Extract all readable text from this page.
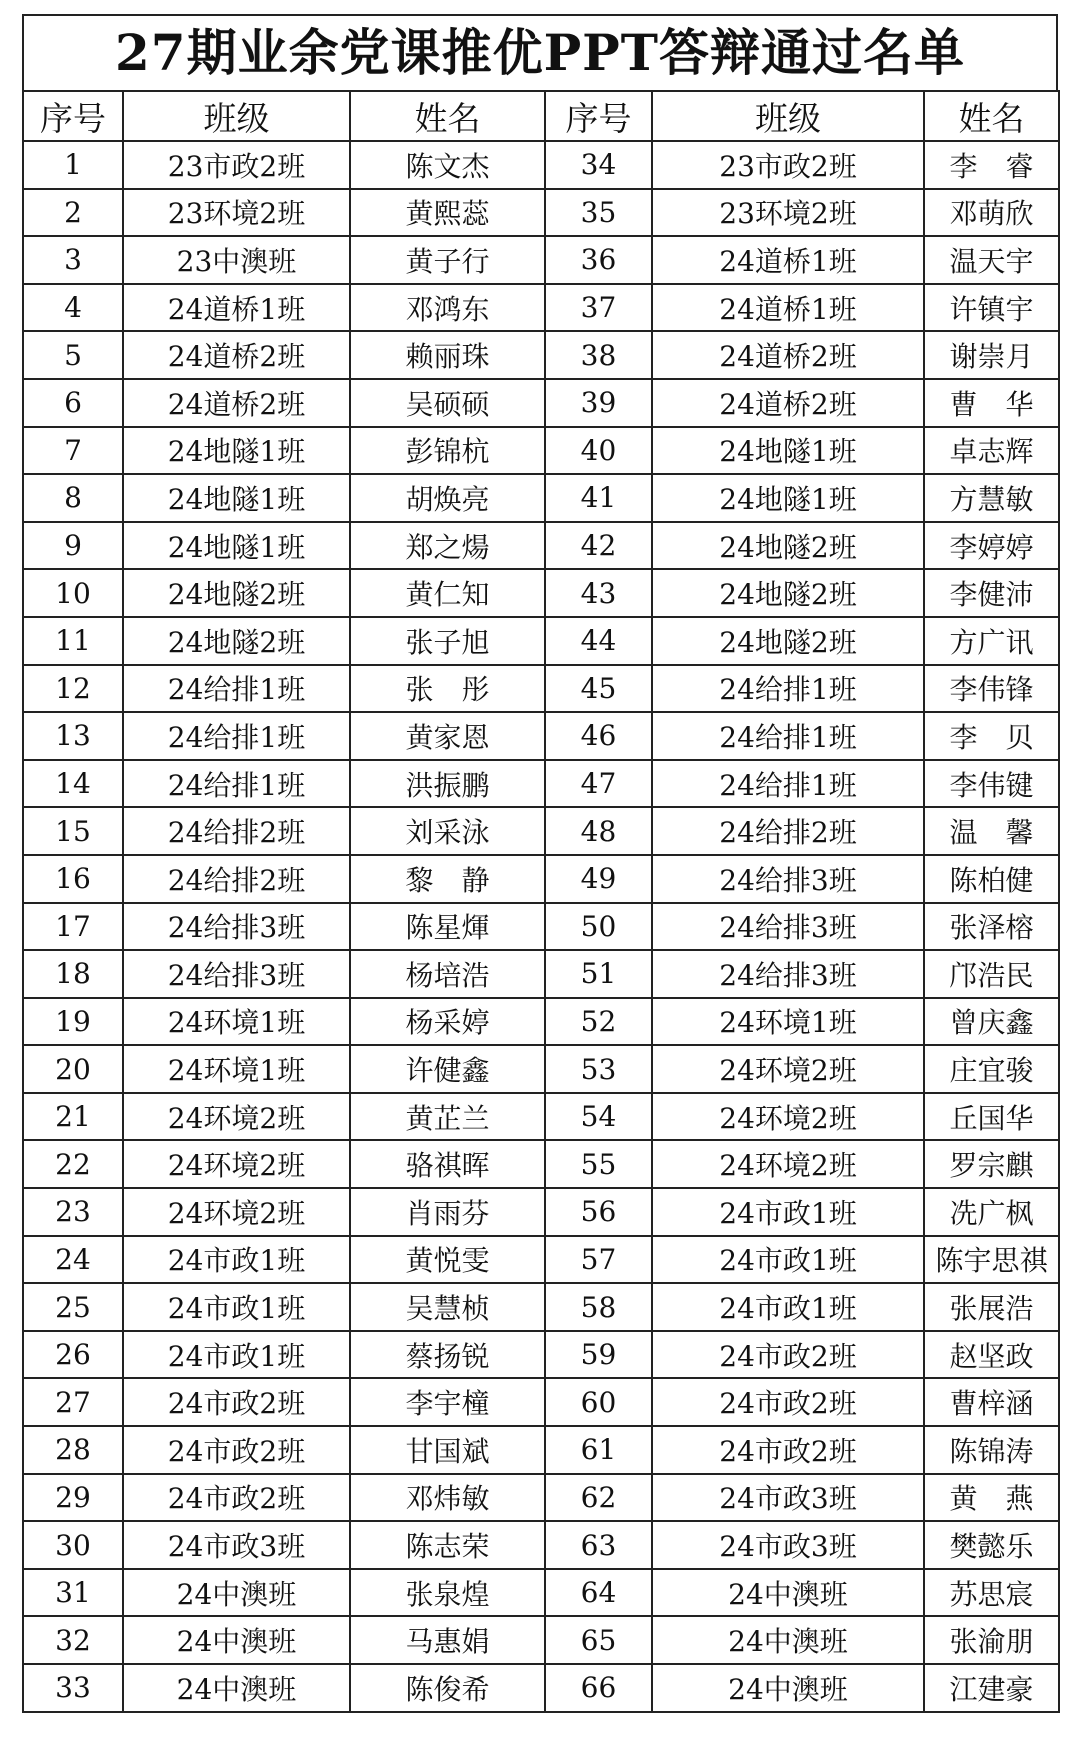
27期业余党课推优PPT答辩通过名单
序号	班级	姓名	序号	班级	姓名
1	23市政2班	陈文杰	34	23市政2班	李　睿
2	23环境2班	黄熙蕊	35	23环境2班	邓萌欣
3	23中澳班	黄子行	36	24道桥1班	温天宇
4	24道桥1班	邓鸿东	37	24道桥1班	许镇宇
5	24道桥2班	赖丽珠	38	24道桥2班	谢崇月
6	24道桥2班	吴硕硕	39	24道桥2班	曹　华
7	24地隧1班	彭锦杭	40	24地隧1班	卓志辉
8	24地隧1班	胡焕亮	41	24地隧1班	方慧敏
9	24地隧1班	郑之煬	42	24地隧2班	李婷婷
10	24地隧2班	黄仁知	43	24地隧2班	李健沛
11	24地隧2班	张子旭	44	24地隧2班	方广讯
12	24给排1班	张　彤	45	24给排1班	李伟锋
13	24给排1班	黄家恩	46	24给排1班	李　贝
14	24给排1班	洪振鹏	47	24给排1班	李伟键
15	24给排2班	刘采泳	48	24给排2班	温　馨
16	24给排2班	黎　静	49	24给排3班	陈柏健
17	24给排3班	陈星煇	50	24给排3班	张泽榕
18	24给排3班	杨培浩	51	24给排3班	邝浩民
19	24环境1班	杨采婷	52	24环境1班	曾庆鑫
20	24环境1班	许健鑫	53	24环境2班	庄宜骏
21	24环境2班	黄芷兰	54	24环境2班	丘国华
22	24环境2班	骆祺晖	55	24环境2班	罗宗麒
23	24环境2班	肖雨芬	56	24市政1班	冼广枫
24	24市政1班	黄悦雯	57	24市政1班	陈宇思祺
25	24市政1班	吴慧桢	58	24市政1班	张展浩
26	24市政1班	蔡扬锐	59	24市政2班	赵坚政
27	24市政2班	李宇橦	60	24市政2班	曹梓涵
28	24市政2班	甘国斌	61	24市政2班	陈锦涛
29	24市政2班	邓炜敏	62	24市政3班	黄　燕
30	24市政3班	陈志荣	63	24市政3班	樊懿乐
31	24中澳班	张泉煌	64	24中澳班	苏思宸
32	24中澳班	马惠娟	65	24中澳班	张渝朋
33	24中澳班	陈俊希	66	24中澳班	江建豪
